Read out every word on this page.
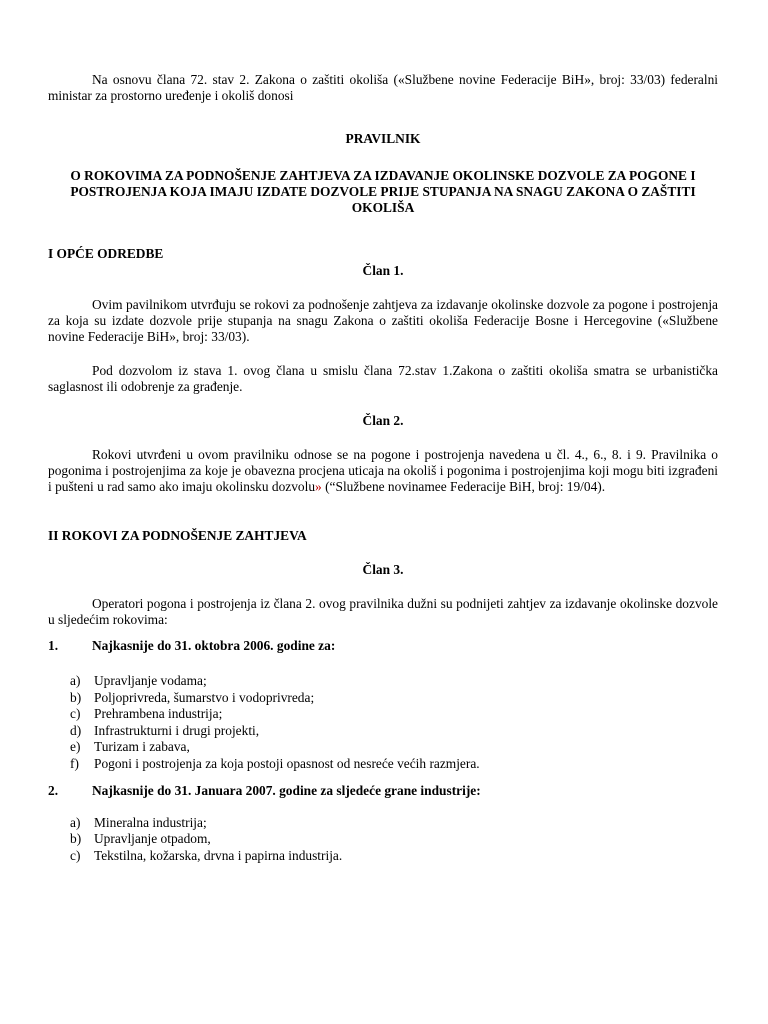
Na osnovu člana 72. stav 2. Zakona o zaštiti okoliša («Službene novine Federacije BiH», broj: 33/03) federalni ministar za prostorno uređenje i okoliš donosi

PRAVILNIK

O ROKOVIMA ZA PODNOŠENJE ZAHTJEVA ZA IZDAVANJE OKOLINSKE DOZVOLE ZA POGONE I POSTROJENJA KOJA IMAJU IZDATE DOZVOLE PRIJE STUPANJA NA SNAGU ZAKONA O ZAŠTITI OKOLIŠA

I OPĆE ODREDBE

Član 1.

Ovim pavilnikom utvrđuju se rokovi za podnošenje zahtjeva za izdavanje okolinske dozvole za pogone i postrojenja za koja su izdate dozvole prije stupanja na snagu Zakona o zaštiti okoliša Federacije Bosne i Hercegovine («Službene novine Federacije BiH», broj: 33/03).

Pod dozvolom iz stava 1. ovog člana u smislu člana 72.stav 1.Zakona o zaštiti okoliša smatra se urbanistička saglasnost ili odobrenje za građenje.

Član 2.

Rokovi utvrđeni u ovom pravilniku odnose se na pogone i postrojenja navedena u čl. 4., 6., 8. i 9. Pravilnika o pogonima i postrojenjima za koje je obavezna procjena uticaja na okoliš i pogonima i postrojenjima koji mogu biti izgrađeni i pušteni u rad samo ako imaju okolinsku dozvolu» (“Službene novinamee Federacije BiH, broj: 19/04).

II ROKOVI ZA PODNOŠENJE ZAHTJEVA

Član 3.

Operatori pogona i postrojenja iz člana 2. ovog pravilnika dužni su podnijeti zahtjev za izdavanje okolinske dozvole u sljedećim rokovima:

1.	Najkasnije do 31. oktobra 2006. godine za:
a)	Upravljanje vodama;
b) Poljoprivreda, šumarstvo i vodoprivreda;
c)	Prehrambena industrija;
d) Infrastrukturni i drugi projekti,
e)	Turizam i zabava,
f)	Pogoni i postrojenja za koja postoji opasnost od nesreće većih razmjera.
2.	Najkasnije do 31. Januara 2007. godine za sljedeće grane industrije:
a)	Mineralna industrija;
b) Upravljanje otpadom,
c)	Tekstilna, kožarska, drvna i papirna industrija.
